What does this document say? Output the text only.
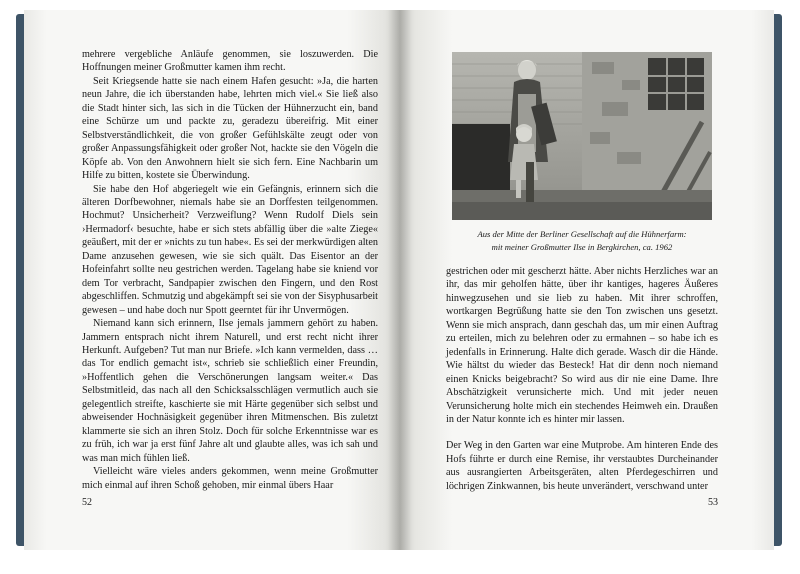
mehrere vergebliche Anläufe genommen, sie loszuwerden. Die Hoffnungen meiner Großmutter kamen ihm recht.

Seit Kriegsende hatte sie nach einem Hafen gesucht: »Ja, die harten neun Jahre, die ich überstanden habe, lehrten mich viel.« Sie ließ also die Stadt hinter sich, las sich in die Tücken der Hühnerzucht ein, band eine Schürze um und packte zu, geradezu übereifrig. Mit einer Selbstverständlichkeit, die von großer Gefühlskälte zeugt oder von großer Anpassungsfähigkeit oder großer Not, hackte sie den Vögeln die Köpfe ab. Von den Anwohnern hielt sie sich fern. Eine Nachbarin um Hilfe zu bitten, kostete sie Überwindung.

Sie habe den Hof abgeriegelt wie ein Gefängnis, erinnern sich die älteren Dorfbewohner, niemals habe sie an Dorffesten teilgenommen. Hochmut? Unsicherheit? Verzweiflung? Wenn Rudolf Diels sein ›Hermadorf‹ besuchte, habe er sich stets abfällig über die »alte Ziege« geäußert, mit der er »nichts zu tun habe«. Es sei der merkwürdigen alten Dame anzusehen gewesen, wie sie sich quält. Das Eisentor an der Hofeinfahrt sollte neu gestrichen werden. Tagelang habe sie kniend vor dem Tor verbracht, Sandpapier zwischen den Fingern, und den Rost abgeschliffen. Schmutzig und abgekämpft sei sie von der Sisyphusarbeit gewesen – und habe doch nur Spott geerntet für ihr Unvermögen.

Niemand kann sich erinnern, Ilse jemals jammern gehört zu haben. Jammern entsprach nicht ihrem Naturell, und erst recht nicht ihrer Herkunft. Aufgeben? Tut man nur Briefe. »Ich kann vermelden, dass … das Tor endlich gemacht ist«, schrieb sie schließlich einer Freundin, »Hoffentlich gehen die Verschönerungen langsam weiter.« Das Selbstmitleid, das nach all den Schicksalsschlägen vermutlich auch sie gelegentlich streifte, kaschierte sie mit Härte gegenüber sich selbst und abweisender Hochnäsigkeit gegenüber ihren Mitmenschen. Bis zuletzt klammerte sie sich an ihren Stolz. Doch für solche Erkenntnisse war es zu früh, ich war ja erst fünf Jahre alt und glaubte alles, was ich sah und was man mich fühlen ließ.

Vielleicht wäre vieles anders gekommen, wenn meine Großmutter mich einmal auf ihren Schoß gehoben, mir einmal übers Haar

52
Aus der Mitte der Berliner Gesellschaft auf die Hühnerfarm:
mit meiner Großmutter Ilse in Bergkirchen, ca. 1962

gestrichen oder mit gescherzt hätte. Aber nichts Herzliches war an ihr, das mir geholfen hätte, über ihr kantiges, hageres Äußeres hinwegzusehen und sie lieb zu haben. Mit ihrer schroffen, wortkargen Begrüßung hatte sie den Ton zwischen uns gesetzt. Wenn sie mich ansprach, dann geschah das, um mir einen Auftrag zu erteilen, mich zu belehren oder zu ermahnen – so habe ich es jedenfalls in Erinnerung. Halte dich gerade. Wasch dir die Hände. Wie hältst du wieder das Besteck! Hat dir denn noch niemand einen Knicks beigebracht? So wird aus dir nie eine Dame. Ihre Abschätzigkeit verunsicherte mich. Und mit jeder neuen Verunsicherung holte mich ein stechendes Heimweh ein. Draußen in der Natur konnte ich es hinter mir lassen.

Der Weg in den Garten war eine Mutprobe. Am hinteren Ende des Hofs führte er durch eine Remise, ihr verstaubtes Durcheinander aus ausrangierten Arbeitsgeräten, alten Pferdegeschirren und löchrigen Zinkwannen, bis heute unverändert, verschwand unter

53
